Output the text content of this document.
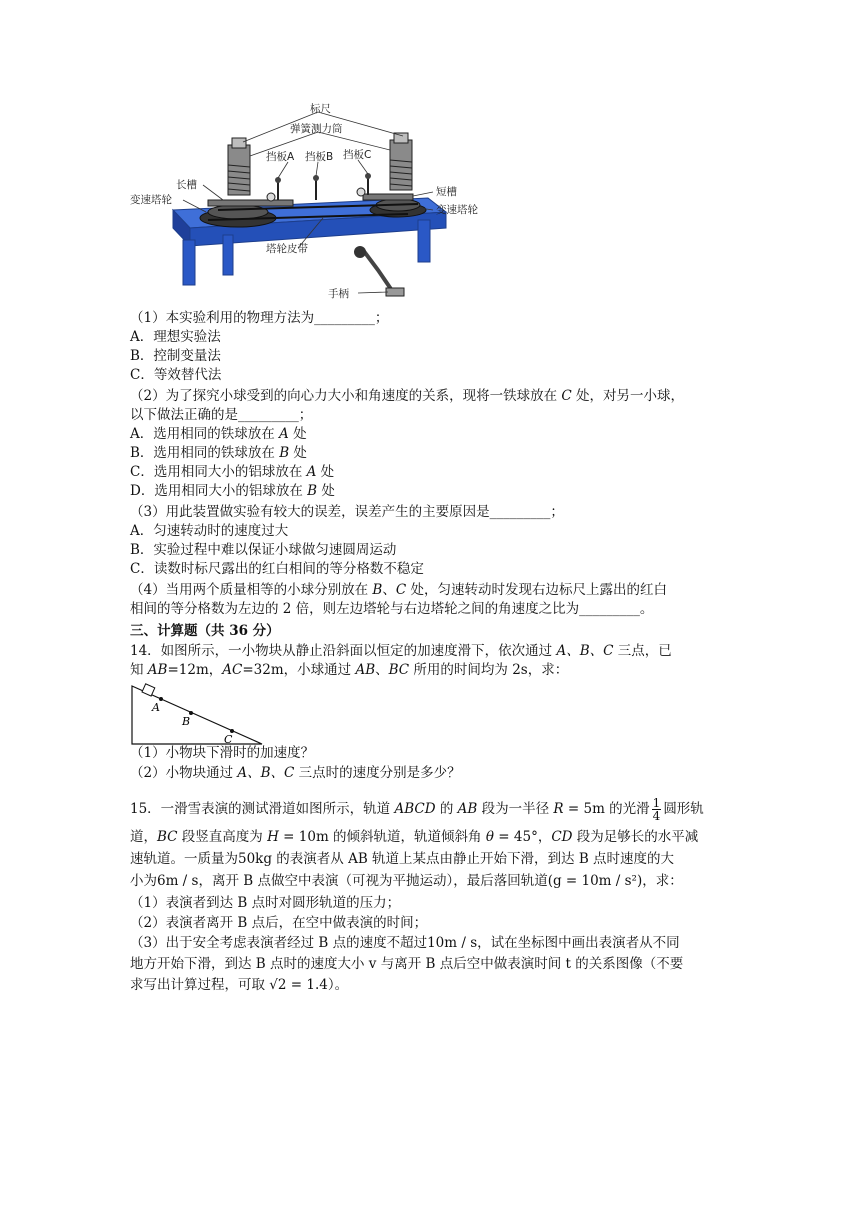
标尺
弹簧测力筒
挡板A 挡板B 挡板C
长槽
变速塔轮
短槽
变速塔轮
塔轮皮带
手柄
（1）本实验利用的物理方法为_________；
A．理想实验法
B．控制变量法
C．等效替代法
（2）为了探究小球受到的向心力大小和角速度的关系，现将一铁球放在 C 处，对另一小球，
以下做法正确的是_________；
A．选用相同的铁球放在 A 处
B．选用相同的铁球放在 B 处
C．选用相同大小的铝球放在 A 处
D．选用相同大小的铝球放在 B 处
（3）用此装置做实验有较大的误差，误差产生的主要原因是_________；
A．匀速转动时的速度过大
B．实验过程中难以保证小球做匀速圆周运动
C．读数时标尺露出的红白相间的等分格数不稳定
（4）当用两个质量相等的小球分别放在 B、C 处，匀速转动时发现右边标尺上露出的红白
相间的等分格数为左边的 2 倍，则左边塔轮与右边塔轮之间的角速度之比为_________。
三、计算题（共 36 分）
14．如图所示，一小物块从静止沿斜面以恒定的加速度滑下，依次通过 A、B、C 三点，已
知 AB=12m，AC=32m，小球通过 AB、BC 所用的时间均为 2s，求：
A
B
C
（1）小物块下滑时的加速度？
（2）小物块通过 A、B、C 三点时的速度分别是多少？
15．一滑雪表演的测试滑道如图所示，轨道 ABCD 的 AB 段为一半径 R = 5m 的光滑 $\frac{1}{4}$ 圆形轨
道，BC 段竖直高度为 H = 10m 的倾斜轨道，轨道倾斜角 θ = 45°，CD 段为足够长的水平减
速轨道。一质量为50kg 的表演者从 AB 轨道上某点由静止开始下滑，到达 B 点时速度的大
小为6m / s，离开 B 点做空中表演（可视为平抛运动），最后落回轨道(g = 10m / s²)，求：
（1）表演者到达 B 点时对圆形轨道的压力；
（2）表演者离开 B 点后，在空中做表演的时间；
（3）出于安全考虑表演者经过 B 点的速度不超过10m / s，试在坐标图中画出表演者从不同
地方开始下滑，到达 B 点时的速度大小 v 与离开 B 点后空中做表演时间 t 的关系图像（不要
求写出计算过程，可取 √2 = 1.4）。
